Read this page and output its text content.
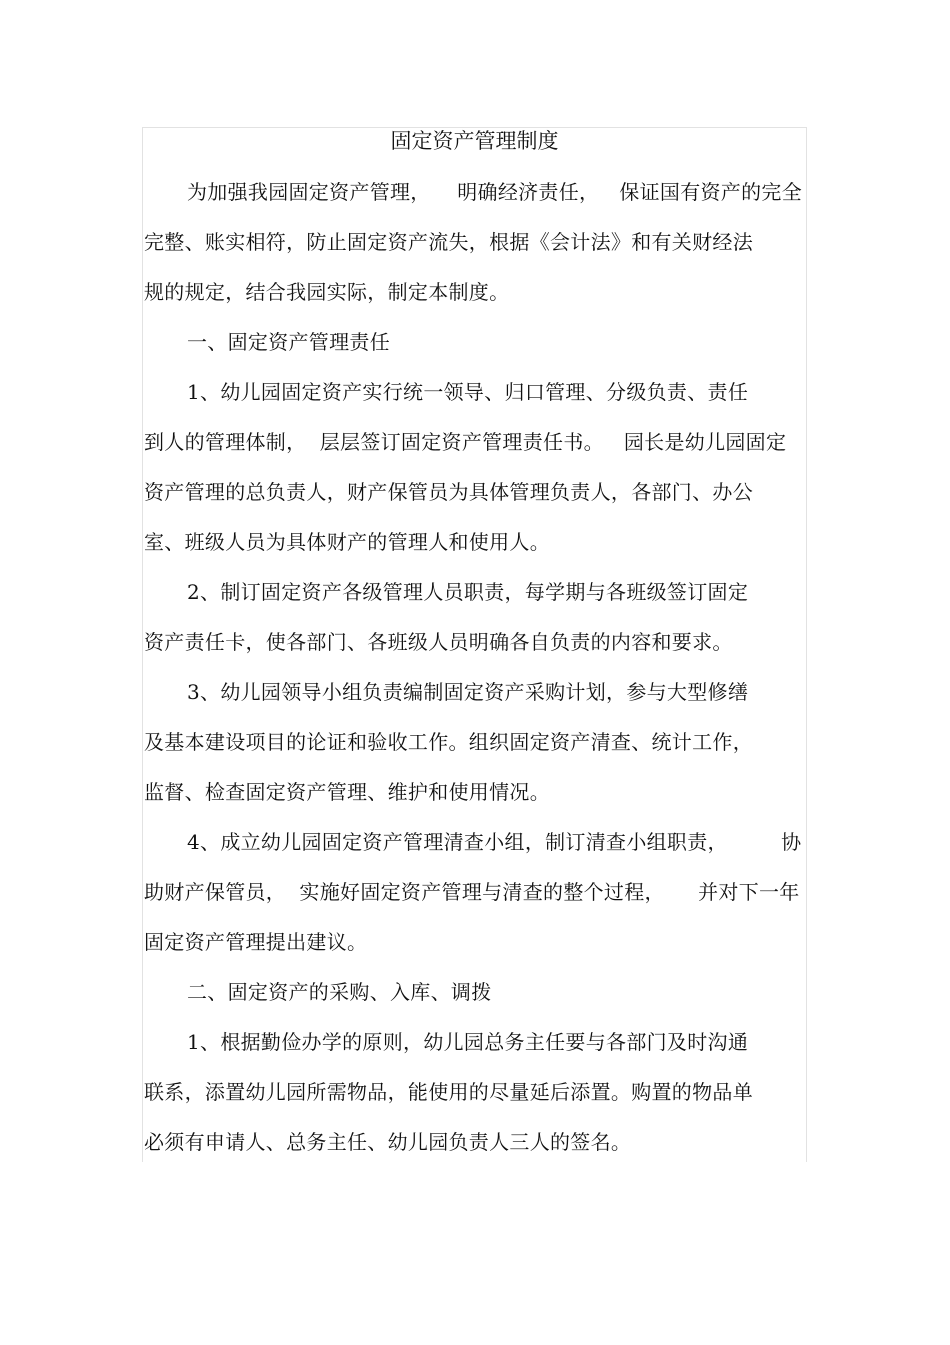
固定资产管理制度
为加强我园固定资产管理，    明确经济责任，   保证国有资产的完全
完整、账实相符，防止固定资产流失，根据《会计法》和有关财经法
规的规定，结合我园实际，制定本制度。
一、固定资产管理责任
1、幼儿园固定资产实行统一领导、归口管理、分级负责、责任
到人的管理体制，  层层签订固定资产管理责任书。   园长是幼儿园固定
资产管理的总负责人，财产保管员为具体管理负责人，各部门、办公
室、班级人员为具体财产的管理人和使用人。
2、制订固定资产各级管理人员职责，每学期与各班级签订固定
资产责任卡，使各部门、各班级人员明确各自负责的内容和要求。
3、幼儿园领导小组负责编制固定资产采购计划，参与大型修缮
及基本建设项目的论证和验收工作。组织固定资产清查、统计工作，
监督、检查固定资产管理、维护和使用情况。
4、成立幼儿园固定资产管理清查小组，制订清查小组职责，        协
助财产保管员，  实施好固定资产管理与清查的整个过程，     并对下一年
固定资产管理提出建议。
二、固定资产的采购、入库、调拨
1、根据勤俭办学的原则，幼儿园总务主任要与各部门及时沟通
联系，添置幼儿园所需物品，能使用的尽量延后添置。购置的物品单
必须有申请人、总务主任、幼儿园负责人三人的签名。
